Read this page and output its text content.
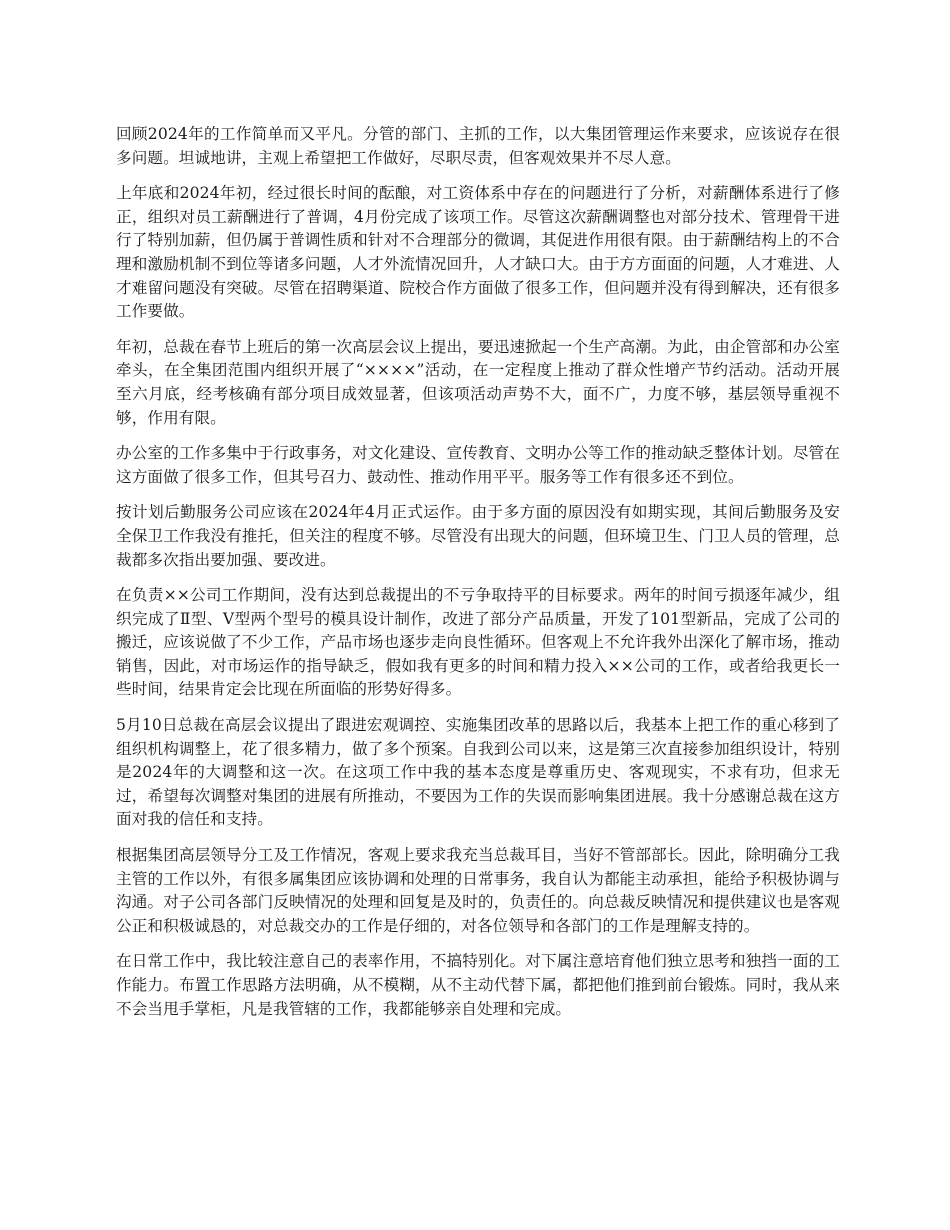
回顾2024年的工作简单而又平凡。分管的部门、主抓的工作，以大集团管理运作来要求，应该说存在很多问题。坦诚地讲，主观上希望把工作做好，尽职尽责，但客观效果并不尽人意。

上年底和2024年初，经过很长时间的酝酿，对工资体系中存在的问题进行了分析，对薪酬体系进行了修正，组织对员工薪酬进行了普调，4月份完成了该项工作。尽管这次薪酬调整也对部分技术、管理骨干进行了特别加薪，但仍属于普调性质和针对不合理部分的微调，其促进作用很有限。由于薪酬结构上的不合理和激励机制不到位等诸多问题，人才外流情况回升，人才缺口大。由于方方面面的问题，人才难进、人才难留问题没有突破。尽管在招聘渠道、院校合作方面做了很多工作，但问题并没有得到解决，还有很多工作要做。

年初，总裁在春节上班后的第一次高层会议上提出，要迅速掀起一个生产高潮。为此，由企管部和办公室牵头，在全集团范围内组织开展了“××××”活动，在一定程度上推动了群众性增产节约活动。活动开展至六月底，经考核确有部分项目成效显著，但该项活动声势不大，面不广，力度不够，基层领导重视不够，作用有限。

办公室的工作多集中于行政事务，对文化建设、宣传教育、文明办公等工作的推动缺乏整体计划。尽管在这方面做了很多工作，但其号召力、鼓动性、推动作用平平。服务等工作有很多还不到位。

按计划后勤服务公司应该在2024年4月正式运作。由于多方面的原因没有如期实现，其间后勤服务及安全保卫工作我没有推托，但关注的程度不够。尽管没有出现大的问题，但环境卫生、门卫人员的管理，总裁都多次指出要加强、要改进。

在负责××公司工作期间，没有达到总裁提出的不亏争取持平的目标要求。两年的时间亏损逐年减少，组织完成了Ⅱ型、Ⅴ型两个型号的模具设计制作，改进了部分产品质量，开发了101型新品，完成了公司的搬迁，应该说做了不少工作，产品市场也逐步走向良性循环。但客观上不允许我外出深化了解市场，推动销售，因此，对市场运作的指导缺乏，假如我有更多的时间和精力投入××公司的工作，或者给我更长一些时间，结果肯定会比现在所面临的形势好得多。

5月10日总裁在高层会议提出了跟进宏观调控、实施集团改革的思路以后，我基本上把工作的重心移到了组织机构调整上，花了很多精力，做了多个预案。自我到公司以来，这是第三次直接参加组织设计，特别是2024年的大调整和这一次。在这项工作中我的基本态度是尊重历史、客观现实，不求有功，但求无过，希望每次调整对集团的进展有所推动，不要因为工作的失误而影响集团进展。我十分感谢总裁在这方面对我的信任和支持。

根据集团高层领导分工及工作情况，客观上要求我充当总裁耳目，当好不管部部长。因此，除明确分工我主管的工作以外，有很多属集团应该协调和处理的日常事务，我自认为都能主动承担，能给予积极协调与沟通。对子公司各部门反映情况的处理和回复是及时的，负责任的。向总裁反映情况和提供建议也是客观公正和积极诚恳的，对总裁交办的工作是仔细的，对各位领导和各部门的工作是理解支持的。

在日常工作中，我比较注意自己的表率作用，不搞特别化。对下属注意培育他们独立思考和独挡一面的工作能力。布置工作思路方法明确，从不模糊，从不主动代替下属，都把他们推到前台锻炼。同时，我从来不会当甩手掌柜，凡是我管辖的工作，我都能够亲自处理和完成。
